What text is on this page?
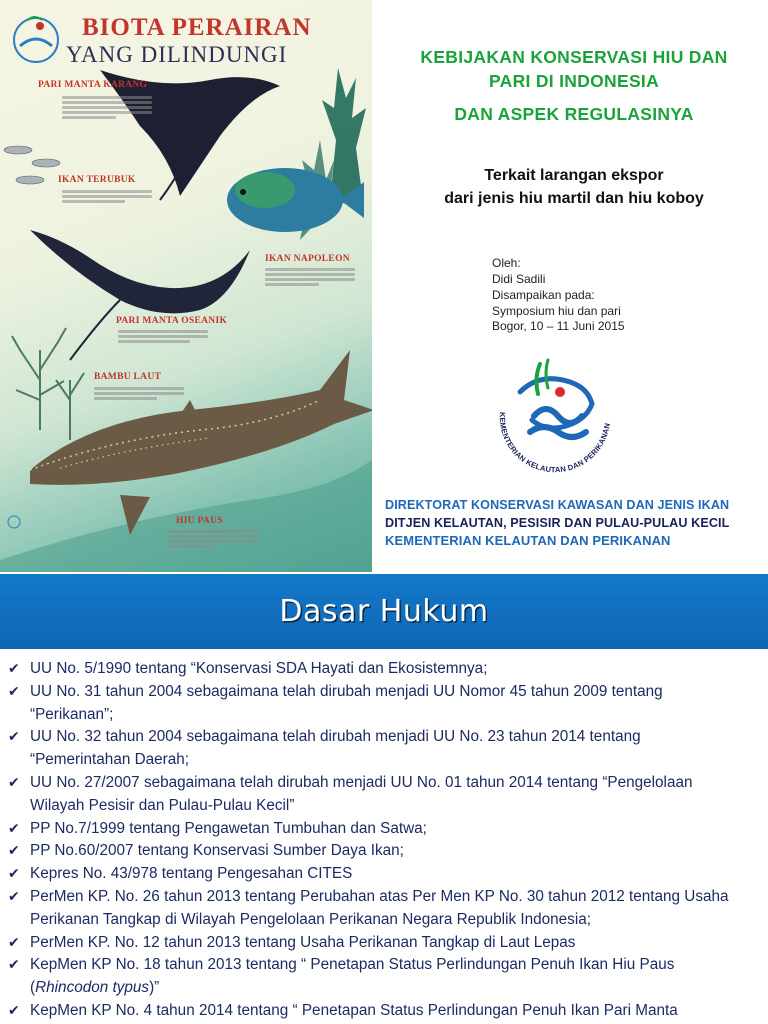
BIOTA PERAIRAN
YANG DILINDUNGI
PARI MANTA KARANG
IKAN TERUBUK
IKAN NAPOLEON
PARI MANTA OSEANIK
BAMBU LAUT
HIU PAUS
KEBIJAKAN KONSERVASI HIU DAN
PARI DI INDONESIA
DAN ASPEK REGULASINYA
Terkait larangan ekspor
dari jenis hiu martil dan hiu koboy
Oleh:
Didi Sadili
Disampaikan pada:
Symposium hiu dan pari
Bogor, 10 – 11 Juni 2015
KEMENTERIAN KELAUTAN DAN PERIKANAN
DIREKTORAT KONSERVASI KAWASAN DAN JENIS IKAN
DITJEN KELAUTAN, PESISIR DAN PULAU-PULAU KECIL
KEMENTERIAN KELAUTAN DAN PERIKANAN
Dasar Hukum
✔ UU No. 5/1990 tentang “Konservasi SDA Hayati dan Ekosistemnya;
✔ UU No. 31 tahun 2004 sebagaimana telah dirubah menjadi UU Nomor 45 tahun 2009 tentang
“Perikanan”;
✔ UU No. 32 tahun 2004 sebagaimana telah dirubah menjadi UU No. 23 tahun 2014 tentang
“Pemerintahan Daerah;
✔ UU No. 27/2007 sebagaimana telah dirubah menjadi UU No. 01 tahun 2014 tentang “Pengelolaan
Wilayah Pesisir dan Pulau-Pulau Kecil”
✔ PP No.7/1999 tentang Pengawetan Tumbuhan dan Satwa;
✔ PP No.60/2007 tentang Konservasi Sumber Daya Ikan;
✔ Kepres No. 43/978 tentang Pengesahan CITES
✔ PerMen KP. No. 26 tahun 2013 tentang Perubahan atas Per Men KP No. 30 tahun 2012 tentang Usaha
Perikanan Tangkap di Wilayah Pengelolaan Perikanan Negara Republik Indonesia;
✔ PerMen KP. No. 12 tahun 2013 tentang Usaha Perikanan Tangkap di Laut Lepas
✔ KepMen KP No. 18 tahun 2013 tentang “ Penetapan Status Perlindungan Penuh Ikan Hiu Paus
(Rhincodon typus)”
✔ KepMen KP No. 4 tahun 2014 tentang “ Penetapan Status Perlindungan Penuh Ikan Pari Manta
